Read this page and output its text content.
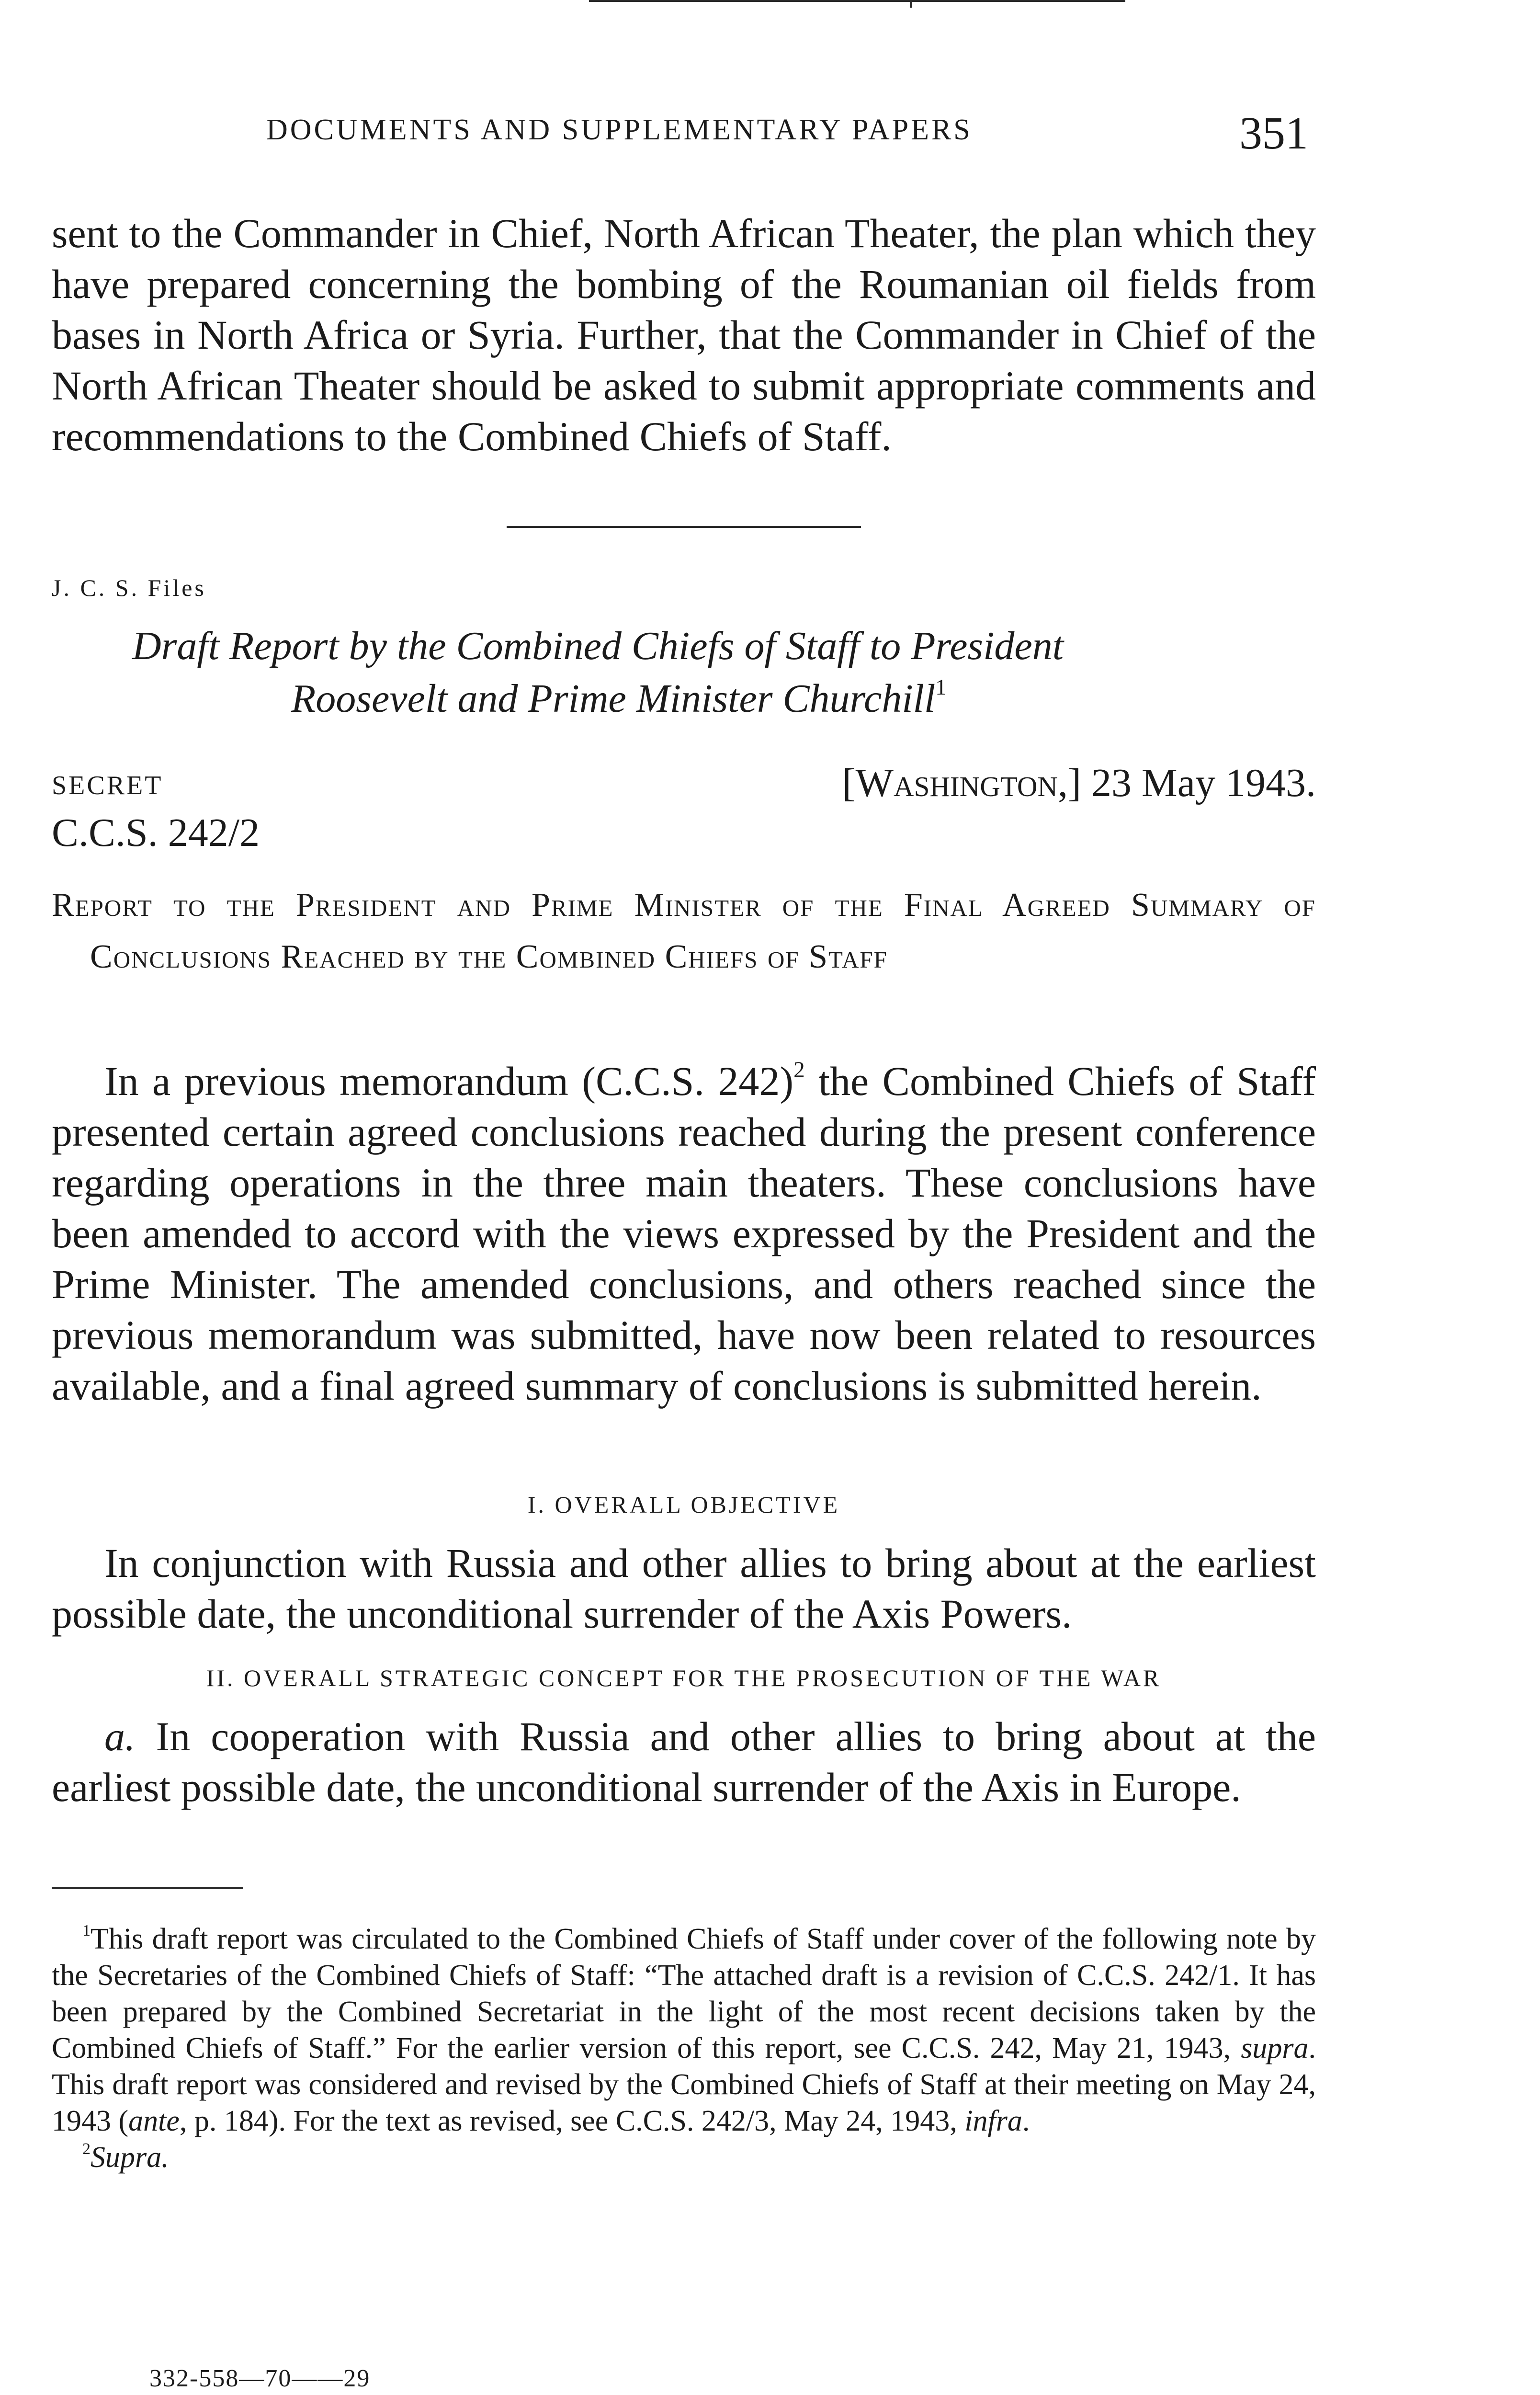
DOCUMENTS AND SUPPLEMENTARY PAPERS	351

sent to the Commander in Chief, North African Theater, the plan which they have prepared concerning the bombing of the Roumanian oil fields from bases in North Africa or Syria. Further, that the Commander in Chief of the North African Theater should be asked to submit appropriate comments and recommendations to the Combined Chiefs of Staff.

J. C. S. Files
Draft Report by the Combined Chiefs of Staff to President
Roosevelt and Prime Minister Churchill$^1$
SECRET	[Washington,] 23 May 1943.
C.C.S. 242/2
Report to the President and Prime Minister of the Final Agreed Summary of Conclusions Reached by the Combined Chiefs of Staff

In a previous memorandum (C.C.S. 242)$^2$ the Combined Chiefs of Staff presented certain agreed conclusions reached during the present conference regarding operations in the three main theaters. These conclusions have been amended to accord with the views expressed by the President and the Prime Minister. The amended conclusions, and others reached since the previous memorandum was submitted, have now been related to resources available, and a final agreed summary of conclusions is submitted herein.

I. OVERALL OBJECTIVE

In conjunction with Russia and other allies to bring about at the earliest possible date, the unconditional surrender of the Axis Powers.

II. OVERALL STRATEGIC CONCEPT FOR THE PROSECUTION OF THE WAR

a. In cooperation with Russia and other allies to bring about at the earliest possible date, the unconditional surrender of the Axis in Europe.

$^1$This draft report was circulated to the Combined Chiefs of Staff under cover of the following note by the Secretaries of the Combined Chiefs of Staff: “The attached draft is a revision of C.C.S. 242/1. It has been prepared by the Combined Secretariat in the light of the most recent decisions taken by the Combined Chiefs of Staff.” For the earlier version of this report, see C.C.S. 242, May 21, 1943, supra. This draft report was considered and revised by the Combined Chiefs of Staff at their meeting on May 24, 1943 (ante, p. 184). For the text as revised, see C.C.S. 242/3, May 24, 1943, infra.

$^2$Supra.

332-558—70——29
